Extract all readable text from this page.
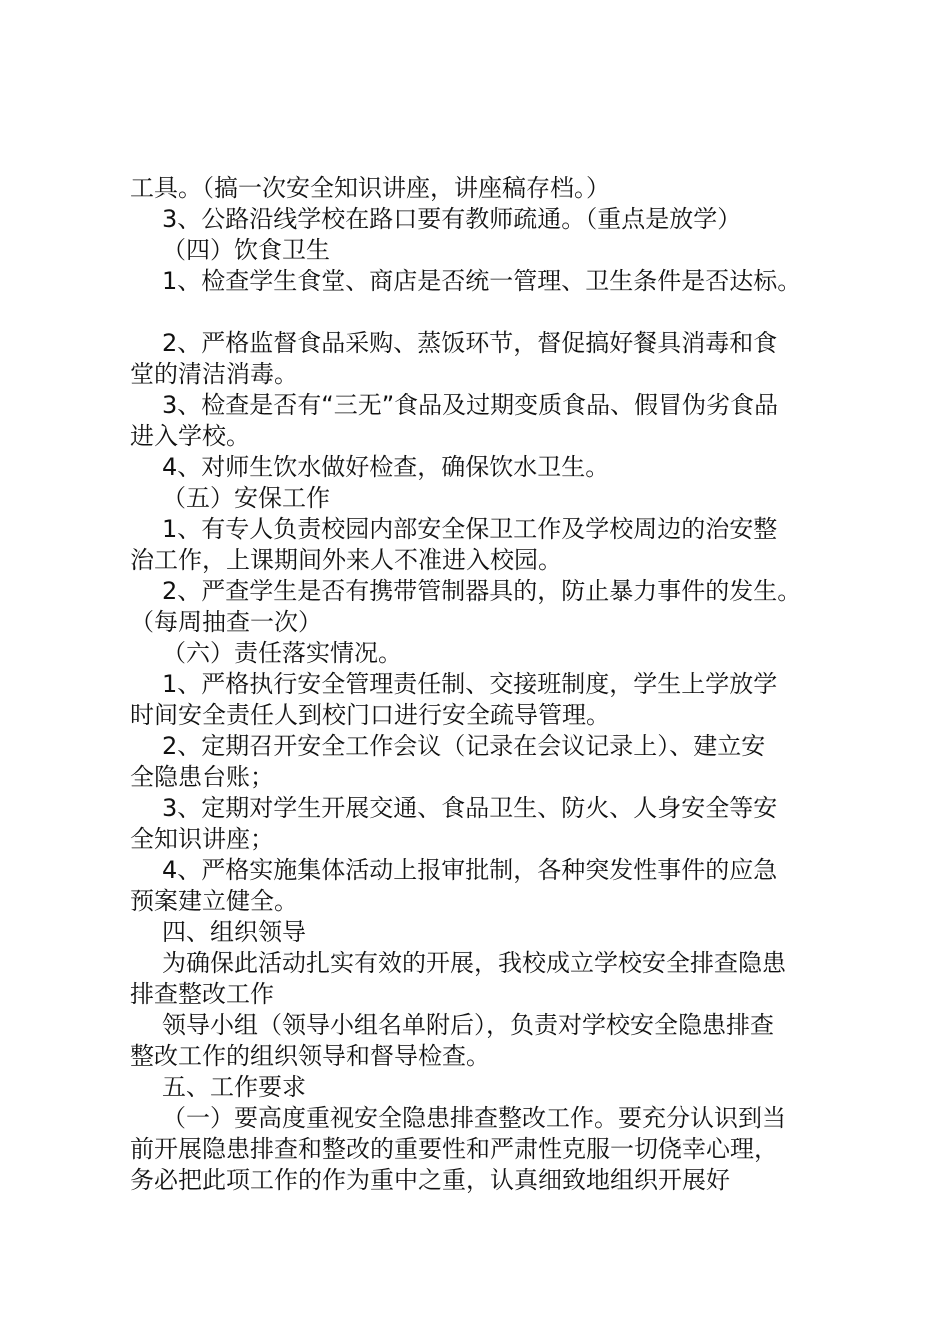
工具。（搞一次安全知识讲座，讲座稿存档。）
3、公路沿线学校在路口要有教师疏通。（重点是放学）
（四）饮食卫生
1、检查学生食堂、商店是否统一管理、卫生条件是否达标。
2、严格监督食品采购、蒸饭环节，督促搞好餐具消毒和食
堂的清洁消毒。
3、检查是否有“三无”食品及过期变质食品、假冒伪劣食品
进入学校。
4、对师生饮水做好检查，确保饮水卫生。
（五）安保工作
1、有专人负责校园内部安全保卫工作及学校周边的治安整
治工作，上课期间外来人不准进入校园。
2、严查学生是否有携带管制器具的，防止暴力事件的发生。
（每周抽查一次）
（六）责任落实情况。
1、严格执行安全管理责任制、交接班制度，学生上学放学
时间安全责任人到校门口进行安全疏导管理。
2、定期召开安全工作会议（记录在会议记录上）、建立安
全隐患台账；
3、定期对学生开展交通、食品卫生、防火、人身安全等安
全知识讲座；
4、严格实施集体活动上报审批制，各种突发性事件的应急
预案建立健全。
四、组织领导
为确保此活动扎实有效的开展，我校成立学校安全排查隐患
排查整改工作
领导小组（领导小组名单附后），负责对学校安全隐患排查
整改工作的组织领导和督导检查。
五、工作要求
（一）要高度重视安全隐患排查整改工作。要充分认识到当
前开展隐患排查和整改的重要性和严肃性克服一切侥幸心理，
务必把此项工作的作为重中之重，认真细致地组织开展好
